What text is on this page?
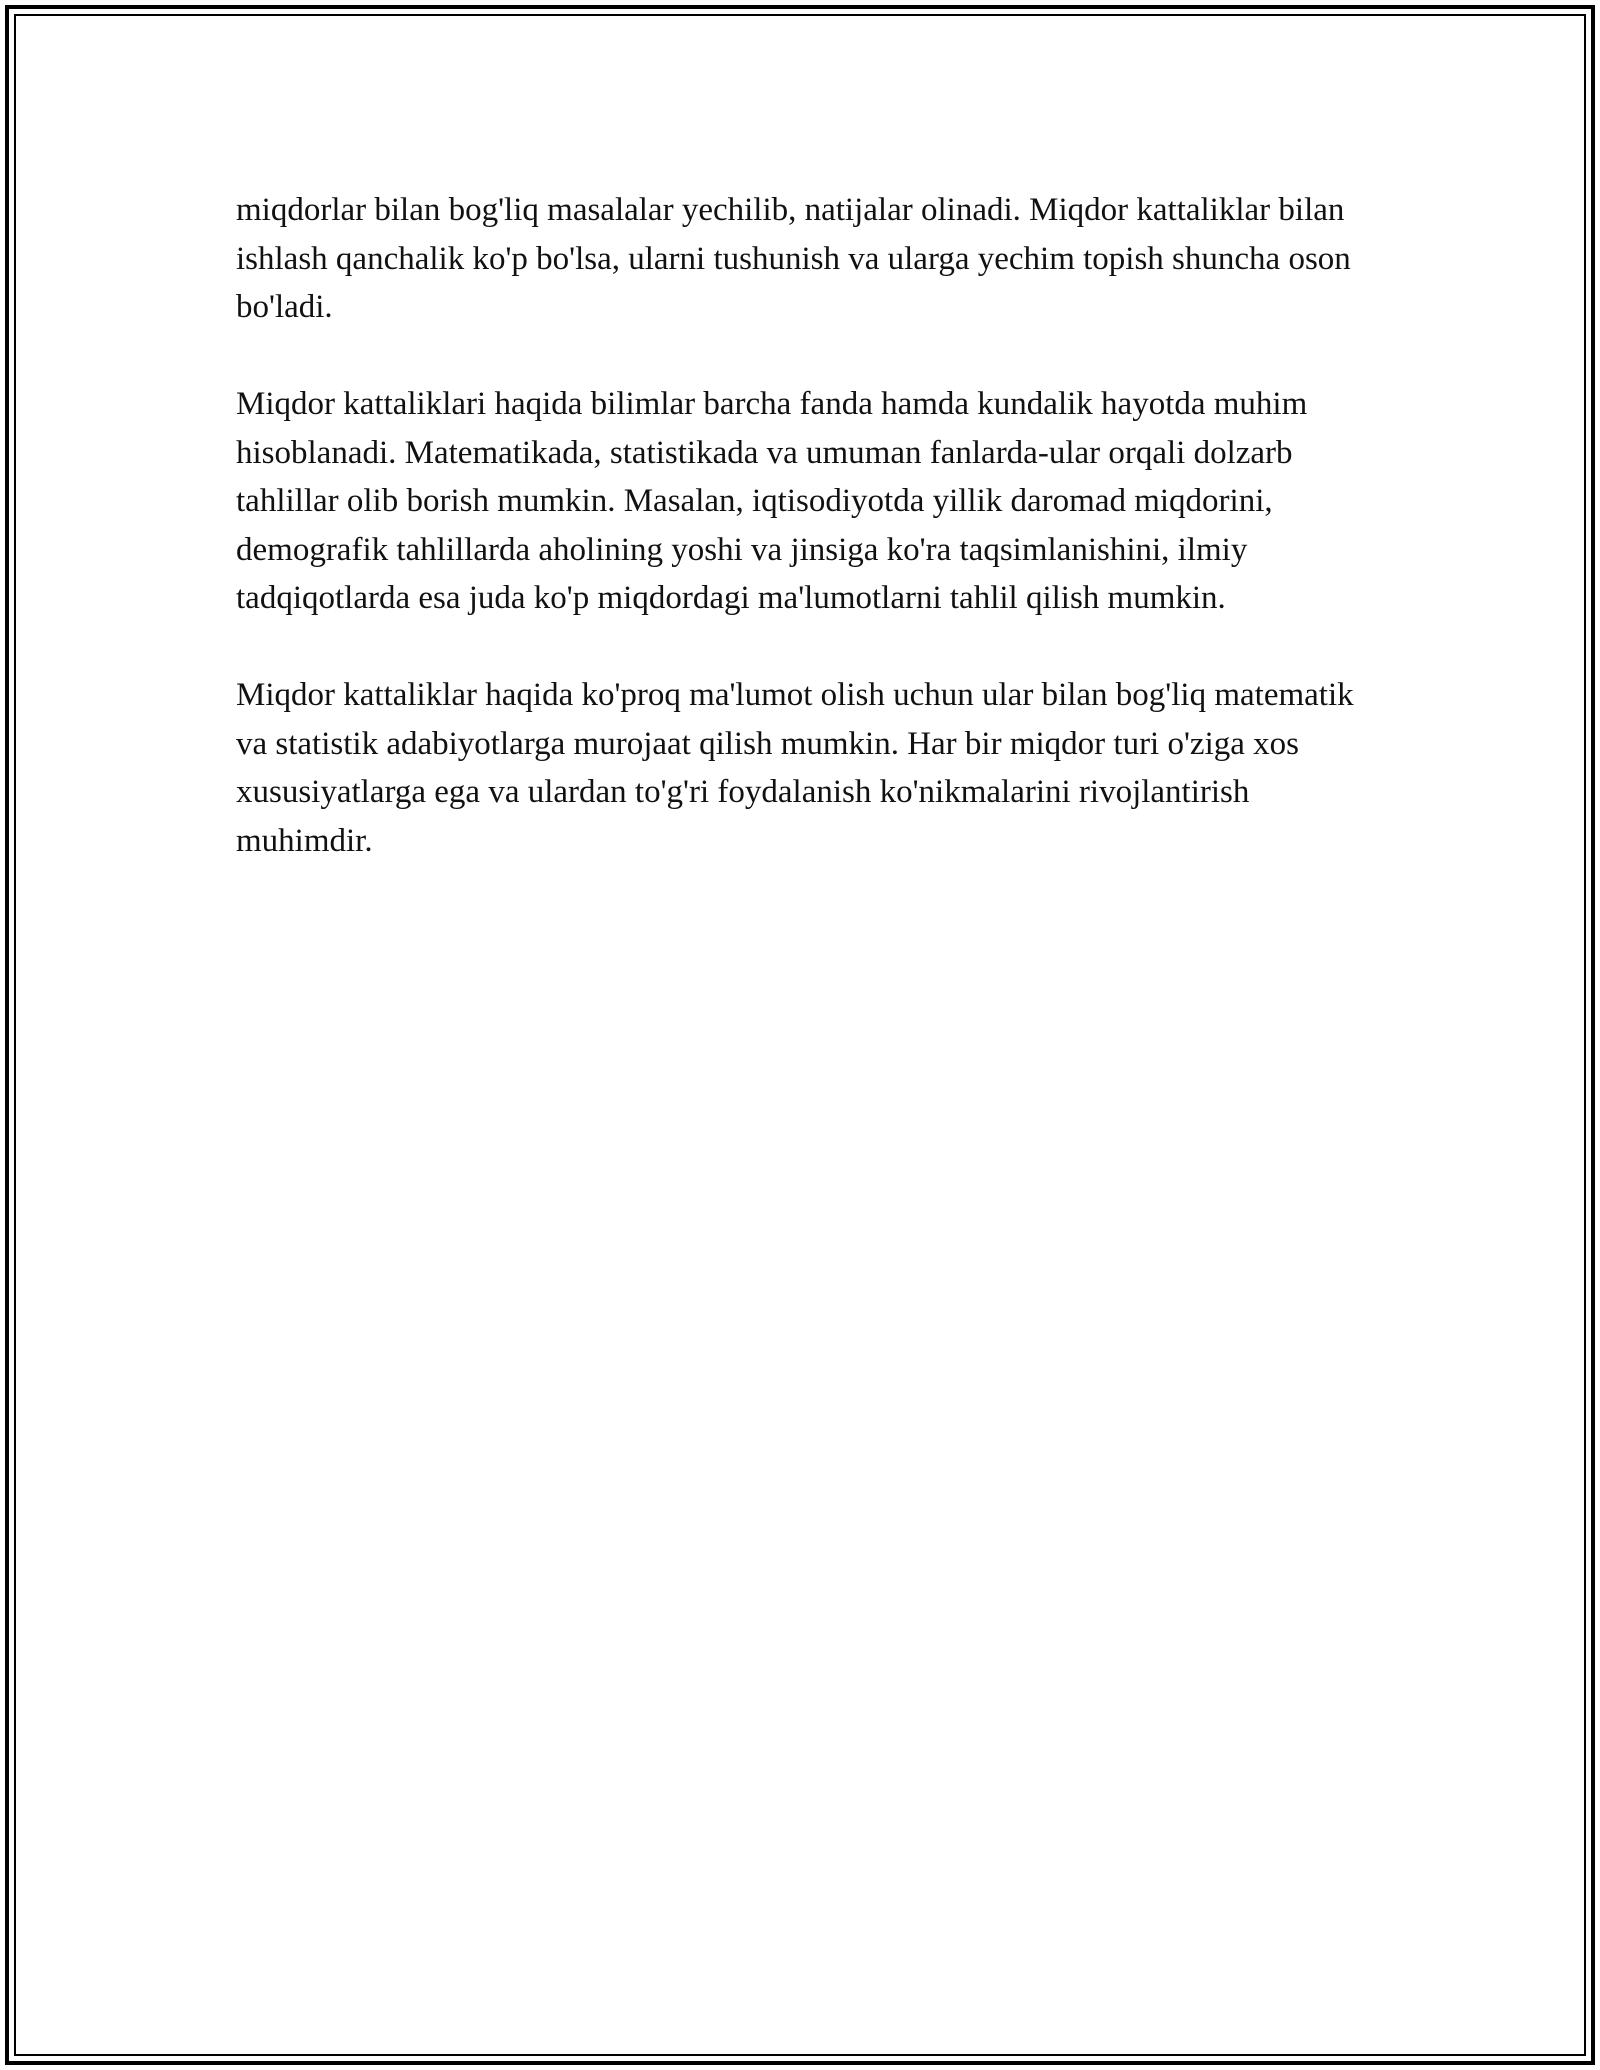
miqdorlar bilan bog'liq masalalar yechilib, natijalar olinadi. Miqdor kattaliklar bilan ishlash qanchalik ko'p bo'lsa, ularni tushunish va ularga yechim topish shuncha oson bo'ladi.

Miqdor kattaliklari haqida bilimlar barcha fanda hamda kundalik hayotda muhim hisoblanadi. Matematikada, statistikada va umuman fanlarda-ular orqali dolzarb tahlillar olib borish mumkin. Masalan, iqtisodiyotda yillik daromad miqdorini, demografik tahlillarda aholining yoshi va jinsiga ko'ra taqsimlanishini, ilmiy tadqiqotlarda esa juda ko'p miqdordagi ma'lumotlarni tahlil qilish mumkin.

Miqdor kattaliklar haqida ko'proq ma'lumot olish uchun ular bilan bog'liq matematik va statistik adabiyotlarga murojaat qilish mumkin. Har bir miqdor turi o'ziga xos xususiyatlarga ega va ulardan to'g'ri foydalanish ko'nikmalarini rivojlantirish muhimdir.
